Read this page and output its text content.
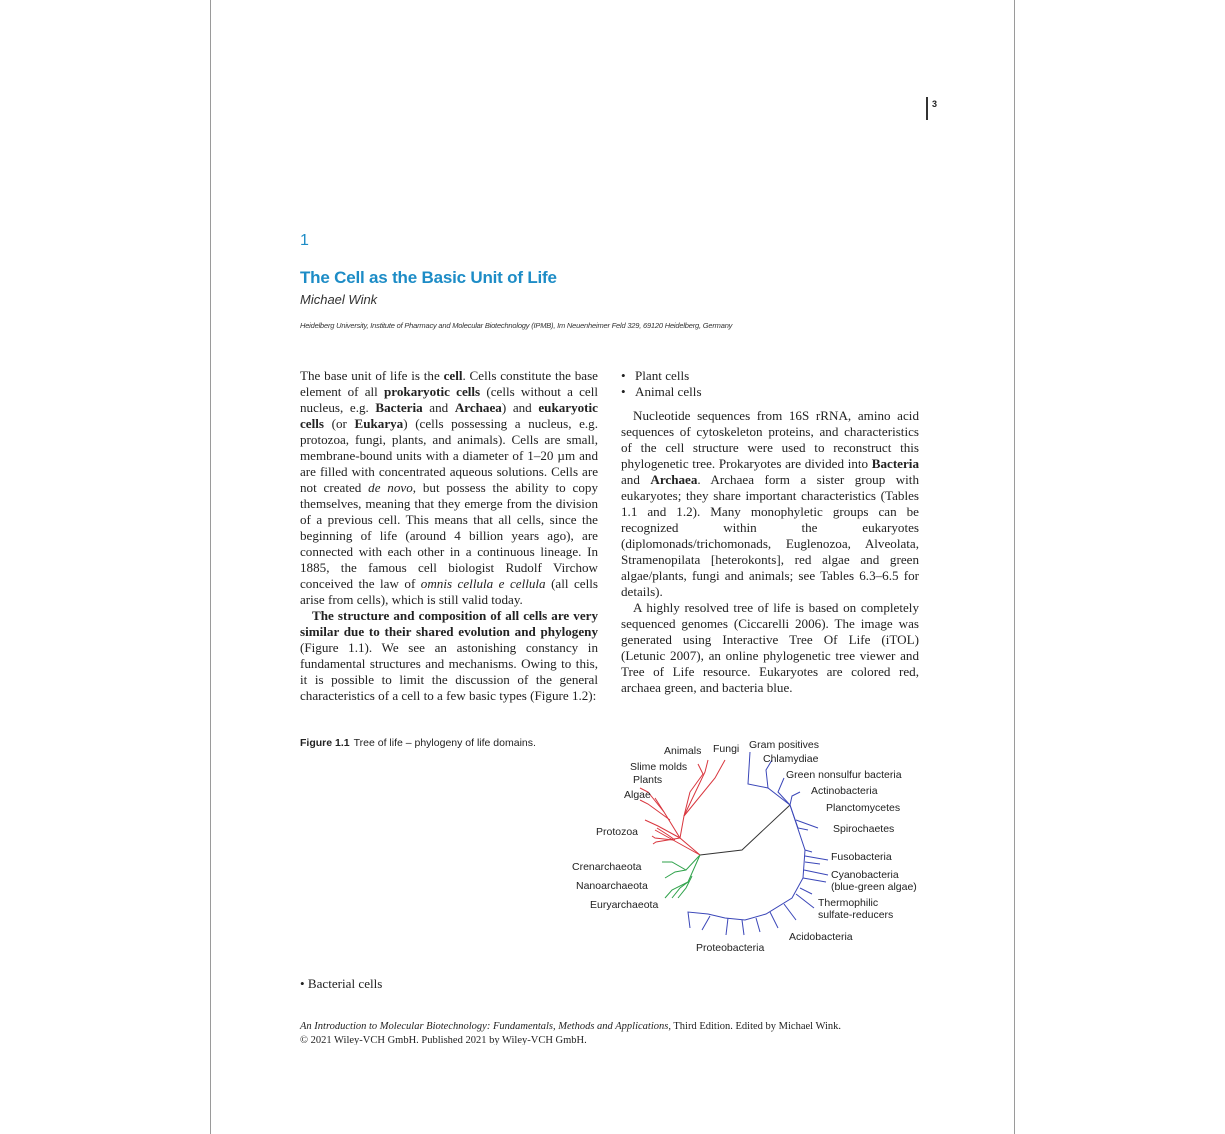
3
1
The Cell as the Basic Unit of Life
Michael Wink
Heidelberg University, Institute of Pharmacy and Molecular Biotechnology (IPMB), Im Neuenheimer Feld 329, 69120 Heidelberg, Germany

The base unit of life is the cell. Cells constitute the base element of all prokaryotic cells (cells without a cell nucleus, e.g. Bacteria and Archaea) and eukaryotic cells (or Eukarya) (cells possessing a nucleus, e.g. protozoa, fungi, plants, and animals). Cells are small, membrane-bound units with a diameter of 1–20 µm and are filled with concentrated aqueous solutions. Cells are not created de novo, but possess the ability to copy themselves, meaning that they emerge from the division of a previous cell. This means that all cells, since the beginning of life (around 4 billion years ago), are connected with each other in a continuous lineage. In 1885, the famous cell biologist Rudolf Virchow conceived the law of omnis cellula e cellula (all cells arise from cells), which is still valid today.

The structure and composition of all cells are very similar due to their shared evolution and phylogeny (Figure 1.1). We see an astonishing constancy in fundamental structures and mechanisms. Owing to this, it is possible to limit the discussion of the general characteristics of a cell to a few basic types (Figure 1.2):

• Plant cells
• Animal cells

Nucleotide sequences from 16S rRNA, amino acid sequences of cytoskeleton proteins, and characteristics of the cell structure were used to reconstruct this phylogenetic tree. Prokaryotes are divided into Bacteria and Archaea. Archaea form a sister group with eukaryotes; they share important characteristics (Tables 1.1 and 1.2). Many monophyletic groups can be recognized within the eukaryotes (diplomonads/trichomonads, Euglenozoa, Alveolata, Stramenopilata [heterokonts], red algae and green algae/plants, fungi and animals; see Tables 6.3–6.5 for details).

A highly resolved tree of life is based on completely sequenced genomes (Ciccarelli 2006). The image was generated using Interactive Tree Of Life (iTOL) (Letunic 2007), an online phylogenetic tree viewer and Tree of Life resource. Eukaryotes are colored red, archaea green, and bacteria blue.

Figure 1.1 Tree of life – phylogeny of life domains.
Animals Fungi
Slime molds
Plants
Algae
Protozoa
Crenarchaeota
Nanoarchaeota
Euryarchaeota
Gram positives
Chlamydiae
Green nonsulfur bacteria
Actinobacteria
Planctomycetes
Spirochaetes
Fusobacteria
Cyanobacteria
(blue-green algae)
Thermophilic
sulfate-reducers
Acidobacteria
Proteobacteria
• Bacterial cells
An Introduction to Molecular Biotechnology: Fundamentals, Methods and Applications, Third Edition. Edited by Michael Wink.
© 2021 Wiley-VCH GmbH. Published 2021 by Wiley-VCH GmbH.
